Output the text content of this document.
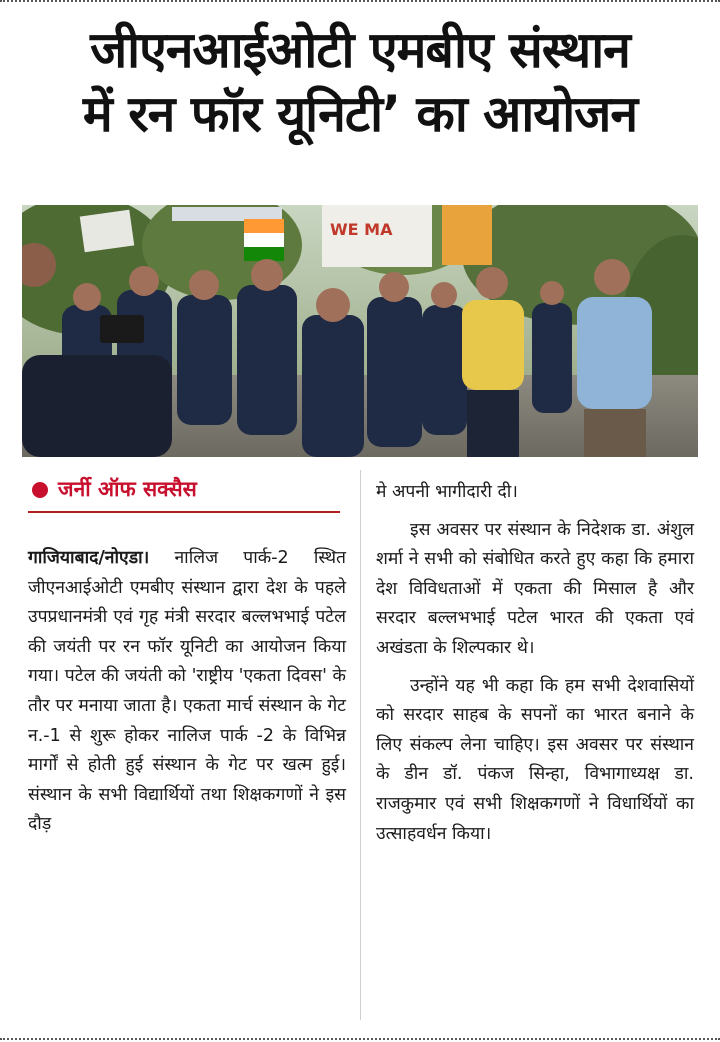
जीएनआईओटी एमबीए संस्थान
में रन फॉर यूनिटी’ का आयोजन
WE MA
जर्नी ऑफ सक्सैस

गाजियाबाद/नोएडा। नालिज पार्क-2 स्थित जीएनआईओटी एमबीए संस्थान द्वारा देश के पहले उपप्रधानमंत्री एवं गृह मंत्री सरदार बल्लभभाई पटेल की जयंती पर रन फॉर यूनिटी का आयोजन किया गया। पटेल की जयंती को 'राष्ट्रीय 'एकता दिवस' के तौर पर मनाया जाता है। एकता मार्च संस्थान के गेट न.-1 से शुरू होकर नालिज पार्क -2 के विभिन्न मार्गों से होती हुई संस्थान के गेट पर खत्म हुई। संस्थान के सभी विद्यार्थियों तथा शिक्षकगणों ने इस दौड़

मे अपनी भागीदारी दी।

इस अवसर पर संस्थान के निदेशक डा. अंशुल शर्मा ने सभी को संबोधित करते हुए कहा कि हमारा देश विविधताओं में एकता की मिसाल है और सरदार बल्लभभाई पटेल भारत की एकता एवं अखंडता के शिल्पकार थे।

उन्होंने यह भी कहा कि हम सभी देशवासियों को सरदार साहब के सपनों का भारत बनाने के लिए संकल्प लेना चाहिए। इस अवसर पर संस्थान के डीन डॉ. पंकज सिन्हा, विभागाध्यक्ष डा. राजकुमार एवं सभी शिक्षकगणों ने विधार्थियों का उत्साहवर्धन किया।
